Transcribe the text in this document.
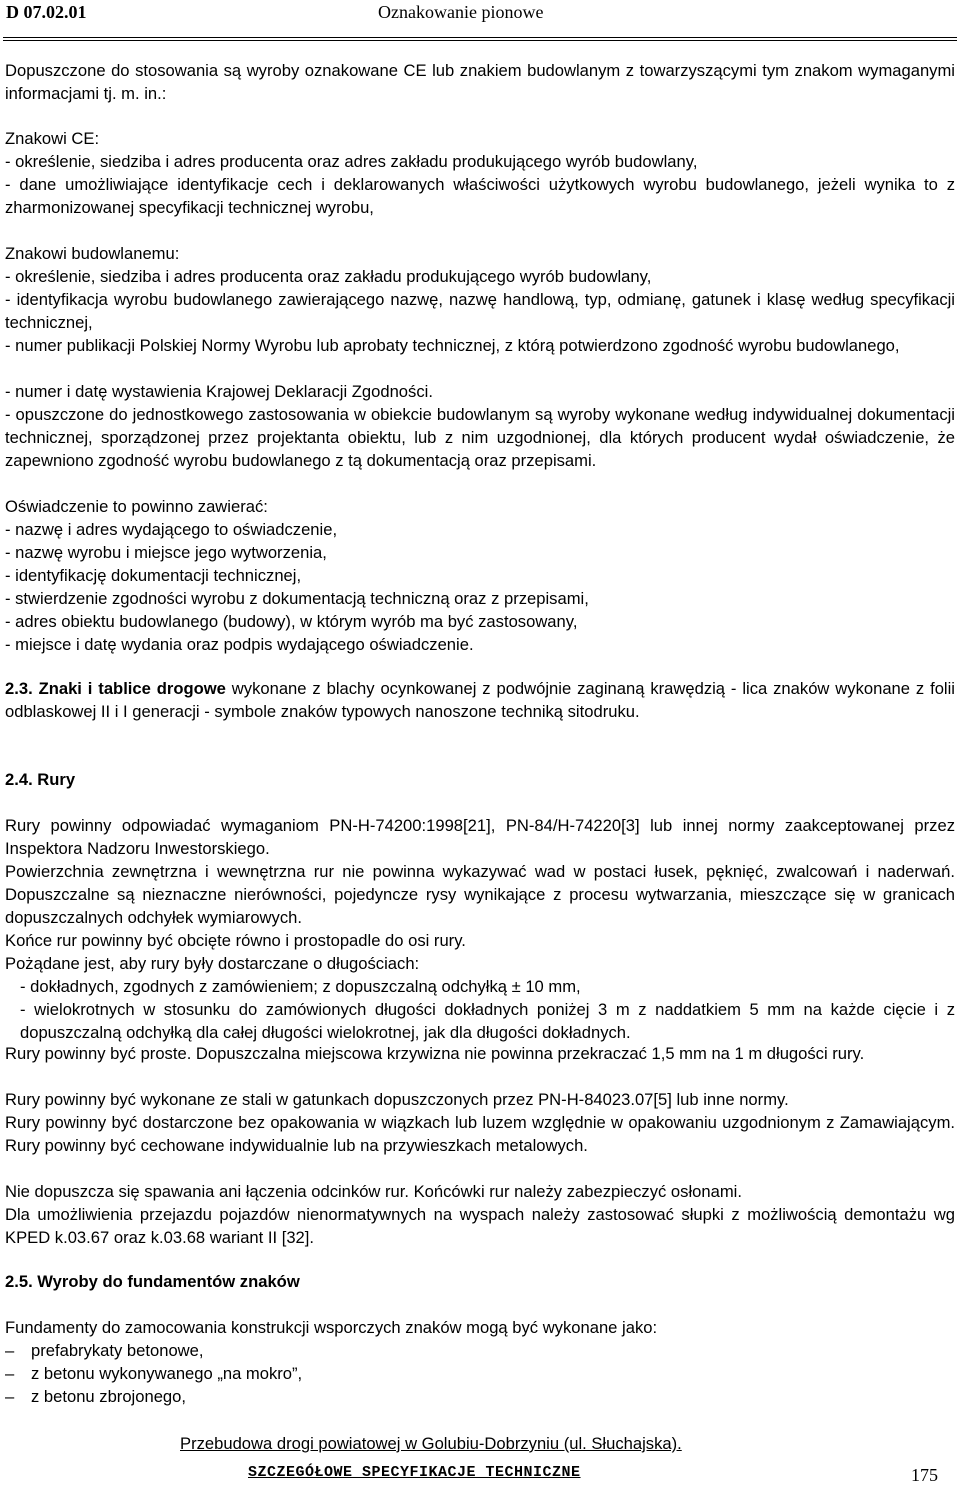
D 07.02.01	Oznakowanie pionowe

Dopuszczone do stosowania są wyroby oznakowane CE lub znakiem budowlanym z towarzyszącymi tym znakom wymaganymi informacjami tj. m. in.:

Znakowi CE:

- określenie, siedziba i adres producenta oraz adres zakładu produkującego wyrób budowlany,

- dane umożliwiające identyfikacje cech i deklarowanych właściwości użytkowych wyrobu budowlanego, jeżeli wynika to z zharmonizowanej specyfikacji technicznej wyrobu,

Znakowi budowlanemu:

- określenie, siedziba i adres producenta oraz zakładu produkującego wyrób budowlany,

- identyfikacja wyrobu budowlanego zawierającego nazwę, nazwę handlową, typ, odmianę, gatunek i klasę według specyfikacji technicznej,

- numer publikacji Polskiej Normy Wyrobu lub aprobaty technicznej, z którą potwierdzono zgodność wyrobu budowlanego,

- numer i datę wystawienia Krajowej Deklaracji Zgodności.

- opuszczone do jednostkowego zastosowania w obiekcie budowlanym są wyroby wykonane według indywidualnej dokumentacji technicznej, sporządzonej przez projektanta obiektu, lub z nim uzgodnionej, dla których producent wydał oświadczenie, że zapewniono zgodność wyrobu budowlanego z tą dokumentacją oraz przepisami.

Oświadczenie to powinno zawierać:

- nazwę i adres wydającego to oświadczenie,

- nazwę wyrobu i miejsce jego wytworzenia,

- identyfikację dokumentacji technicznej,

- stwierdzenie zgodności wyrobu z dokumentacją techniczną oraz z przepisami,

- adres obiektu budowlanego (budowy), w którym wyrób ma być zastosowany,

- miejsce i datę wydania oraz podpis wydającego oświadczenie.

2.3. Znaki i tablice drogowe wykonane z blachy ocynkowanej z podwójnie zaginaną krawędzią - lica znaków wykonane z folii odblaskowej II i I generacji - symbole znaków typowych nanoszone techniką sitodruku.

2.4. Rury

Rury powinny odpowiadać wymaganiom PN-H-74200:1998[21], PN-84/H-74220[3] lub innej normy zaakceptowanej przez Inspektora Nadzoru Inwestorskiego.

Powierzchnia zewnętrzna i wewnętrzna rur nie powinna wykazywać wad w postaci łusek, pęknięć, zwalcowań i naderwań. Dopuszczalne są nieznaczne nierówności, pojedyncze rysy wynikające z procesu wytwarzania, mieszczące się w granicach dopuszczalnych odchyłek wymiarowych.

Końce rur powinny być obcięte równo i prostopadle do osi rury.

Pożądane jest, aby rury były dostarczane o długościach:

- dokładnych, zgodnych z zamówieniem; z dopuszczalną odchyłką ± 10 mm,

- wielokrotnych w stosunku do zamówionych długości dokładnych poniżej 3 m z naddatkiem 5 mm na każde cięcie i z dopuszczalną odchyłką dla całej długości wielokrotnej, jak dla długości dokładnych.

Rury powinny być proste. Dopuszczalna miejscowa krzywizna nie powinna przekraczać 1,5 mm na 1 m długości rury.

Rury powinny być wykonane ze stali w gatunkach dopuszczonych przez PN-H-84023.07[5] lub inne normy.

Rury powinny być dostarczone bez opakowania w wiązkach lub luzem względnie w opakowaniu uzgodnionym z Zamawiającym. Rury powinny być cechowane indywidualnie lub na przywieszkach metalowych.

Nie dopuszcza się spawania ani łączenia odcinków rur. Końcówki rur należy zabezpieczyć osłonami.

Dla umożliwienia przejazdu pojazdów nienormatywnych na wyspach należy zastosować słupki z możliwością demontażu wg KPED k.03.67 oraz k.03.68 wariant II [32].

2.5. Wyroby do fundamentów znaków

Fundamenty do zamocowania konstrukcji wsporczych znaków mogą być wykonane jako:

– prefabrykaty betonowe,
– z betonu wykonywanego „na mokro”,
– z betonu zbrojonego,
Przebudowa drogi powiatowej w Golubiu-Dobrzyniu (ul. Słuchajska).
SZCZEGÓŁOWE SPECYFIKACJE TECHNICZNE	175
